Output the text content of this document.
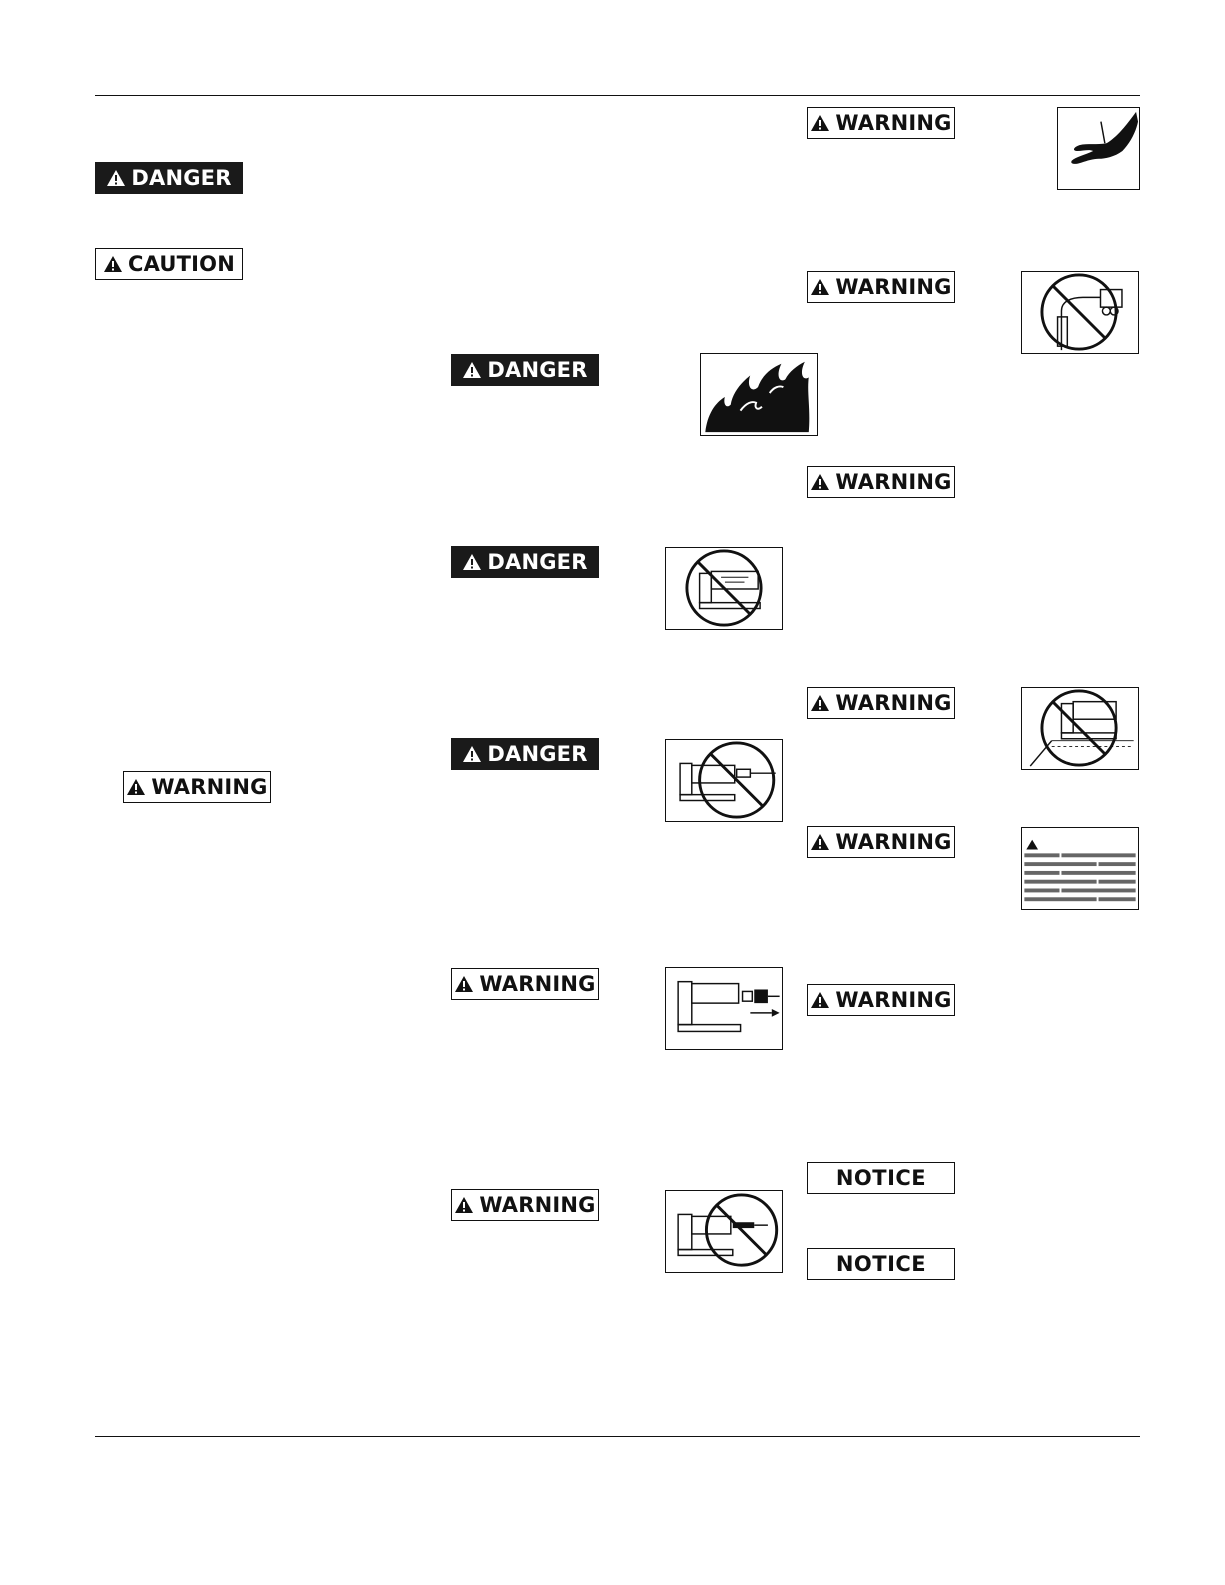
DANGER
CAUTION
WARNING
DANGER
DANGER
DANGER
WARNING
WARNING
WARNING
WARNING
WARNING
WARNING
WARNING
WARNING
NOTICE
NOTICE
